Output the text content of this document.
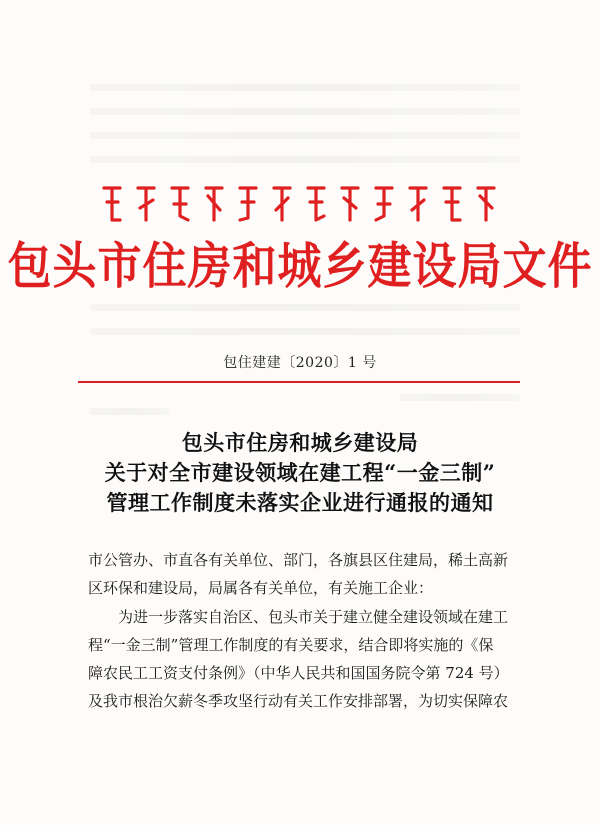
包头市住房和城乡建设局文件
包住建建〔2020〕1 号
包头市住房和城乡建设局
关于对全市建设领域在建工程“一金三制”
管理工作制度未落实企业进行通报的通知
市公管办、市直各有关单位、部门，各旗县区住建局，稀土高新
区环保和建设局，局属各有关单位，有关施工企业：
为进一步落实自治区、包头市关于建立健全建设领域在建工
程“一金三制”管理工作制度的有关要求，结合即将实施的《保
障农民工工资支付条例》（中华人民共和国国务院令第 724 号）
及我市根治欠薪冬季攻坚行动有关工作安排部署，为切实保障农
